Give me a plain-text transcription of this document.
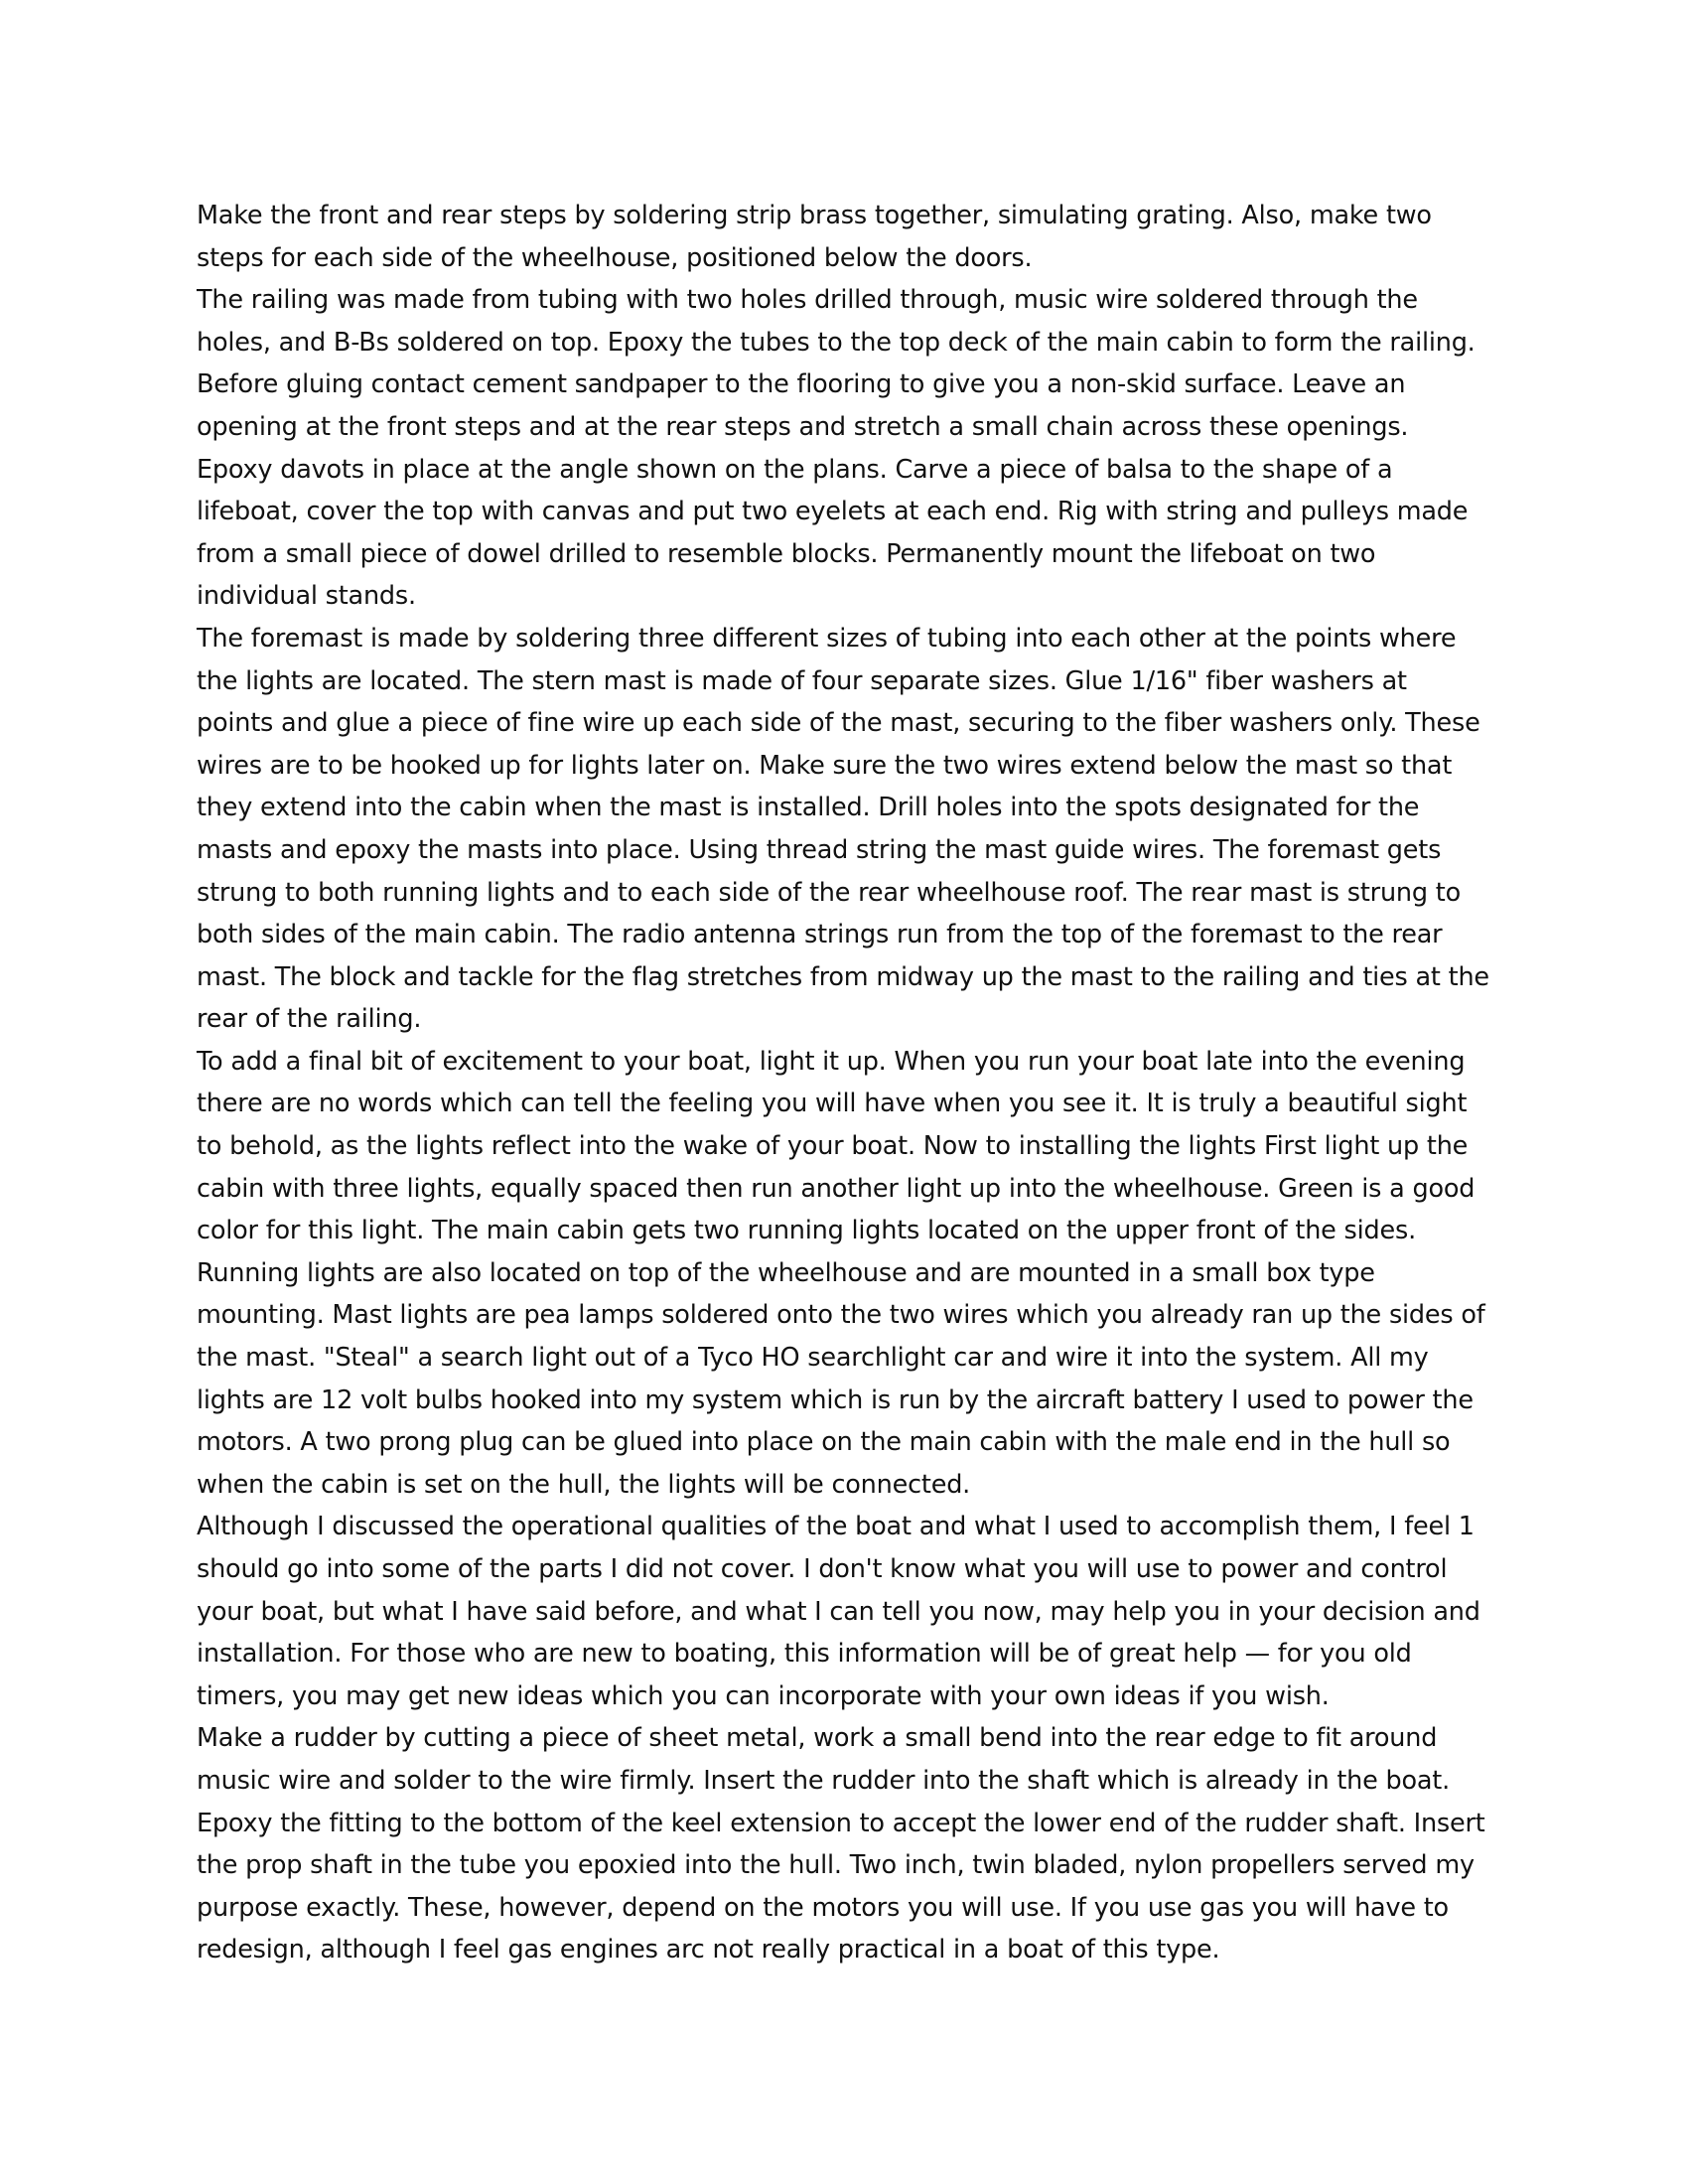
Make the front and rear steps by soldering strip brass together, simulating grating. Also, make two steps for each side of the wheelhouse, positioned below the doors.

The railing was made from tubing with two holes drilled through, music wire soldered through the holes, and B-Bs soldered on top. Epoxy the tubes to the top deck of the main cabin to form the railing. Before gluing contact cement sandpaper to the flooring to give you a non-skid surface. Leave an opening at the front steps and at the rear steps and stretch a small chain across these openings.

Epoxy davots in place at the angle shown on the plans. Carve a piece of balsa to the shape of a lifeboat, cover the top with canvas and put two eyelets at each end. Rig with string and pulleys made from a small piece of dowel drilled to resemble blocks. Permanently mount the lifeboat on two individual stands.

The foremast is made by soldering three different sizes of tubing into each other at the points where the lights are located. The stern mast is made of four separate sizes. Glue 1/16" fiber washers at points and glue a piece of fine wire up each side of the mast, securing to the fiber washers only. These wires are to be hooked up for lights later on. Make sure the two wires extend below the mast so that they extend into the cabin when the mast is installed. Drill holes into the spots designated for the masts and epoxy the masts into place. Using thread string the mast guide wires. The foremast gets strung to both running lights and to each side of the rear wheelhouse roof. The rear mast is strung to both sides of the main cabin. The radio antenna strings run from the top of the foremast to the rear mast. The block and tackle for the flag stretches from midway up the mast to the railing and ties at the rear of the railing.

To add a final bit of excitement to your boat, light it up. When you run your boat late into the evening there are no words which can tell the feeling you will have when you see it. It is truly a beautiful sight to behold, as the lights reflect into the wake of your boat. Now to installing the lights First light up the cabin with three lights, equally spaced then run another light up into the wheelhouse. Green is a good color for this light. The main cabin gets two running lights located on the upper front of the sides. Running lights are also located on top of the wheelhouse and are mounted in a small box type mounting. Mast lights are pea lamps soldered onto the two wires which you already ran up the sides of the mast. "Steal" a search light out of a Tyco HO searchlight car and wire it into the system. All my lights are 12 volt bulbs hooked into my system which is run by the aircraft battery I used to power the motors. A two prong plug can be glued into place on the main cabin with the male end in the hull so when the cabin is set on the hull, the lights will be connected.

Although I discussed the operational qualities of the boat and what I used to accomplish them, I feel 1 should go into some of the parts I did not cover. I don't know what you will use to power and control your boat, but what I have said before, and what I can tell you now, may help you in your decision and installation. For those who are new to boating, this information will be of great help — for you old timers, you may get new ideas which you can incorporate with your own ideas if you wish.

Make a rudder by cutting a piece of sheet metal, work a small bend into the rear edge to fit around music wire and solder to the wire firmly. Insert the rudder into the shaft which is already in the boat. Epoxy the fitting to the bottom of the keel extension to accept the lower end of the rudder shaft. Insert the prop shaft in the tube you epoxied into the hull. Two inch, twin bladed, nylon propellers served my purpose exactly. These, however, depend on the motors you will use. If you use gas you will have to redesign, although I feel gas engines arc not really practical in a boat of this type.
